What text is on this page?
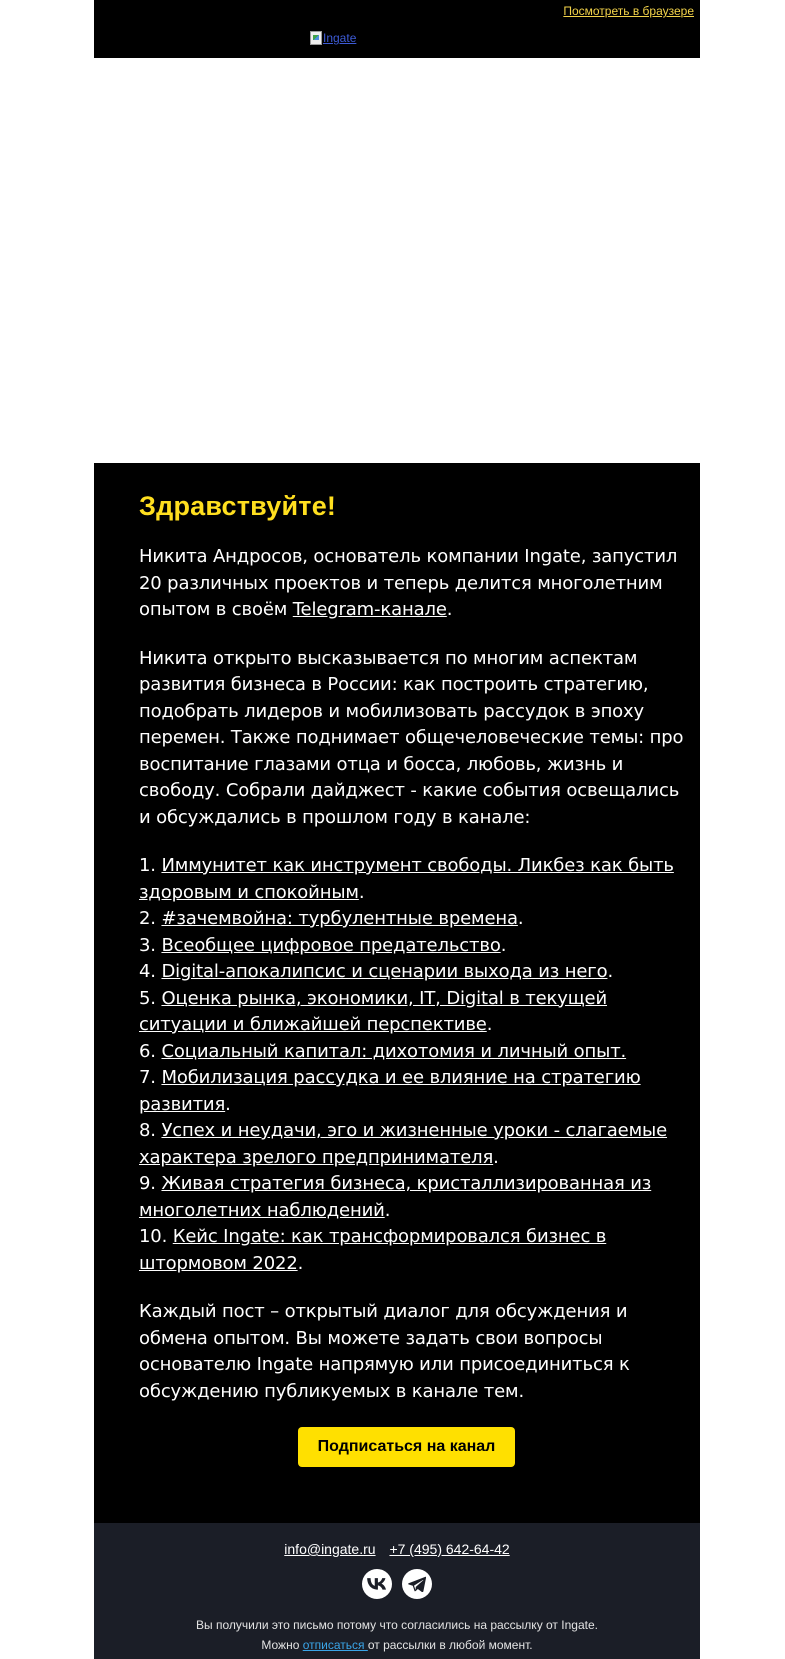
Посмотреть в браузере
Ingate
Здравствуйте!

Никита Андросов, основатель компании Ingate, запустил 20 различных проектов и теперь делится многолетним опытом в своём Telegram-канале.

Никита открыто высказывается по многим аспектам развития бизнеса в России: как построить стратегию, подобрать лидеров и мобилизовать рассудок в эпоху перемен. Также поднимает общечеловеческие темы: про воспитание глазами отца и босса, любовь, жизнь и свободу. Собрали дайджест - какие события освещались и обсуждались в прошлом году в канале:

1. Иммунитет как инструмент свободы. Ликбез как быть здоровым и спокойным.
2. #зачемвойна: турбулентные времена.
3. Всеобщее цифровое предательство.
4. Digital-апокалипсис и сценарии выхода из него.
5. Оценка рынка, экономики, IT, Digital в текущей ситуации и ближайшей перспективе.
6. Социальный капитал: дихотомия и личный опыт.
7. Мобилизация рассудка и ее влияние на стратегию развития.
8. Успех и неудачи, эго и жизненные уроки - слагаемые характера зрелого предпринимателя.
9. Живая стратегия бизнеса, кристаллизированная из многолетних наблюдений.
10. Кейс Ingate: как трансформировался бизнес в штормовом 2022.

Каждый пост – открытый диалог для обсуждения и обмена опытом. Вы можете задать свои вопросы основателю Ingate напрямую или присоединиться к обсуждению публикуемых в канале тем.

Подписаться на канал
info@ingate.ru +7 (495) 642-64-42
Вы получили это письмо потому что согласились на рассылку от Ingate.
Можно отписаться от рассылки в любой момент.
